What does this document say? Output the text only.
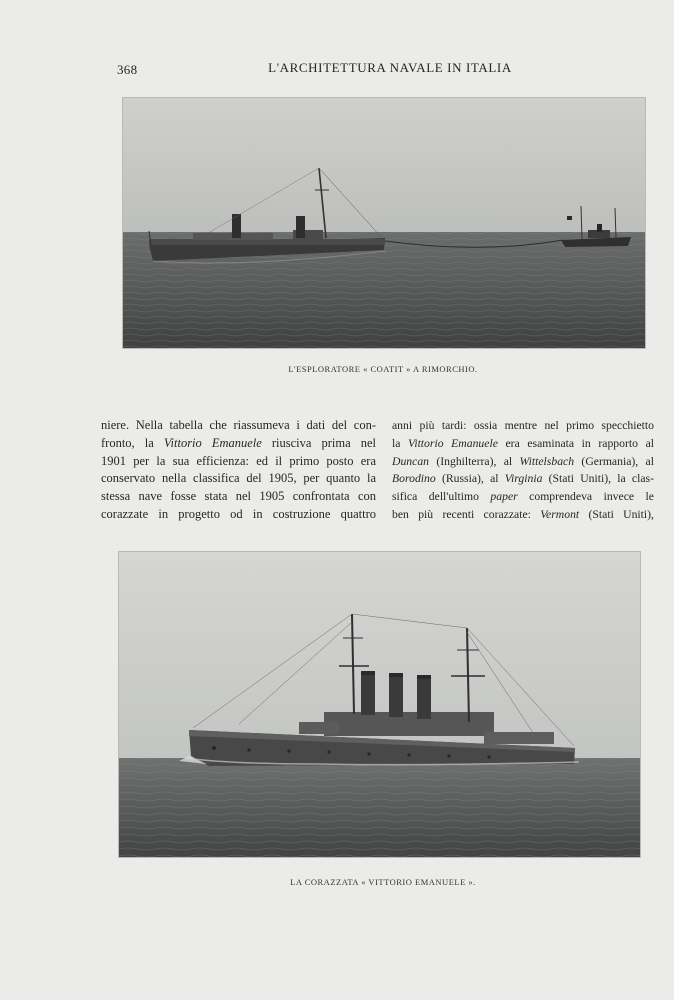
368	L'ARCHITETTURA NAVALE IN ITALIA
L'ESPLORATORE « COATIT » A RIMORCHIO.
niere. Nella tabella che riassumeva i dati del con-
fronto, la Vittorio Emanuele riusciva prima nel
1901 per la sua efficienza: ed il primo posto era
conservato nella classifica del 1905, per quanto la
stessa nave fosse stata nel 1905 confrontata con
corazzate in progetto od in costruzione quattro
anni più tardi: ossia mentre nel primo specchietto
la Vittorio Emanuele era esaminata in rapporto al
Duncan (Inghilterra), al Wittelsbach (Germania), al
Borodino (Russia), al Virginia (Stati Uniti), la clas-
sifica dell'ultimo paper comprendeva invece le
ben più recenti corazzate: Vermont (Stati Uniti),
LA CORAZZATA « VITTORIO EMANUELE ».
